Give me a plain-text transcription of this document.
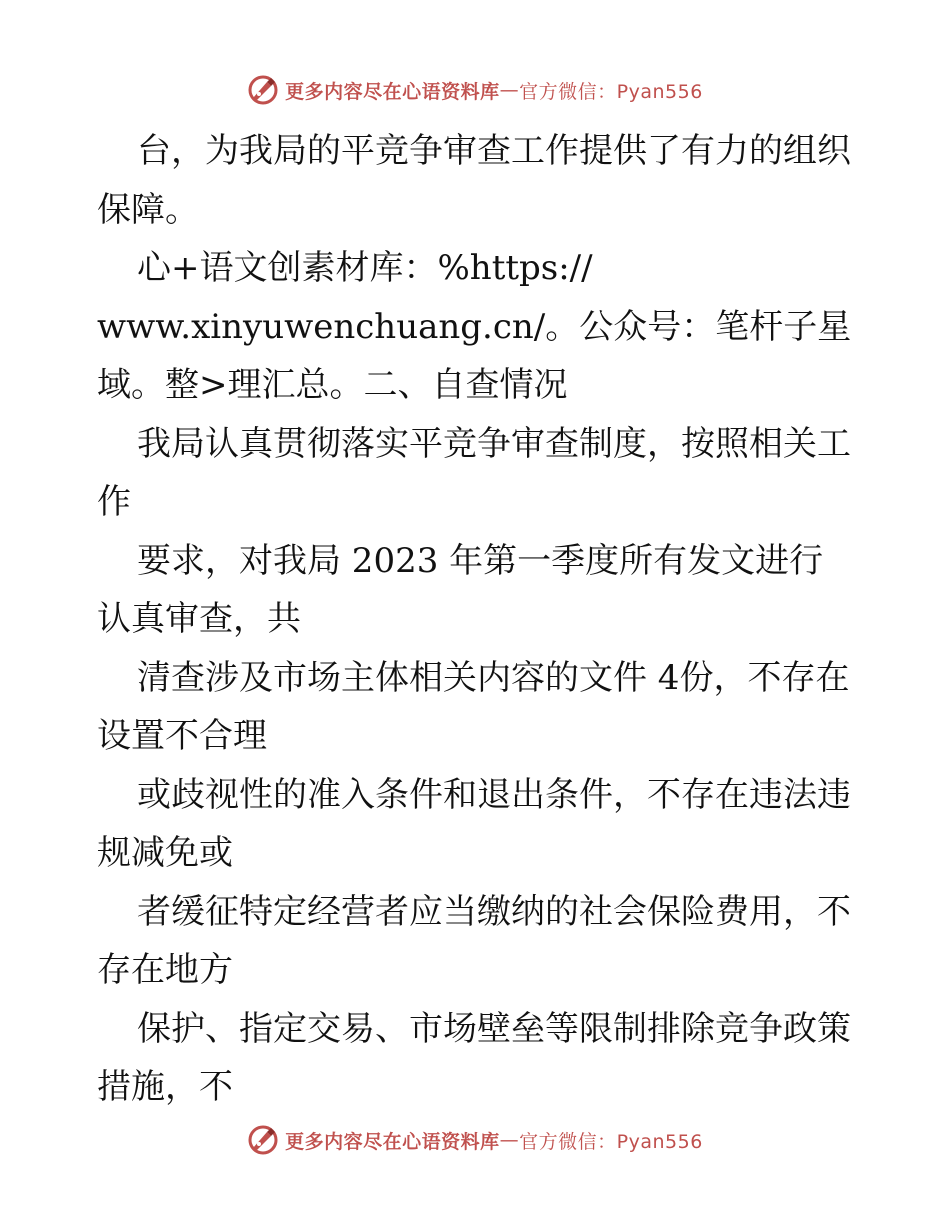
更多内容尽在心语资料库 — 官方微信：Pyan556

台，为我局的平竞争审查工作提供了有力的组织保障。

心+语文创素材库：%https://

www.xinyuwenchuang.cn/。公众号：笔杆子星域。整>理汇总。二、自查情况

我局认真贯彻落实平竞争审查制度，按照相关工作

要求，对我局 2023 年第一季度所有发文进行认真审查，共

清查涉及市场主体相关内容的文件 4份，不存在设置不合理

或歧视性的准入条件和退出条件，不存在违法违规减免或

者缓征特定经营者应当缴纳的社会保险费用，不存在地方

保护、指定交易、市场壁垒等限制排除竞争政策措施，不

更多内容尽在心语资料库 — 官方微信：Pyan556
